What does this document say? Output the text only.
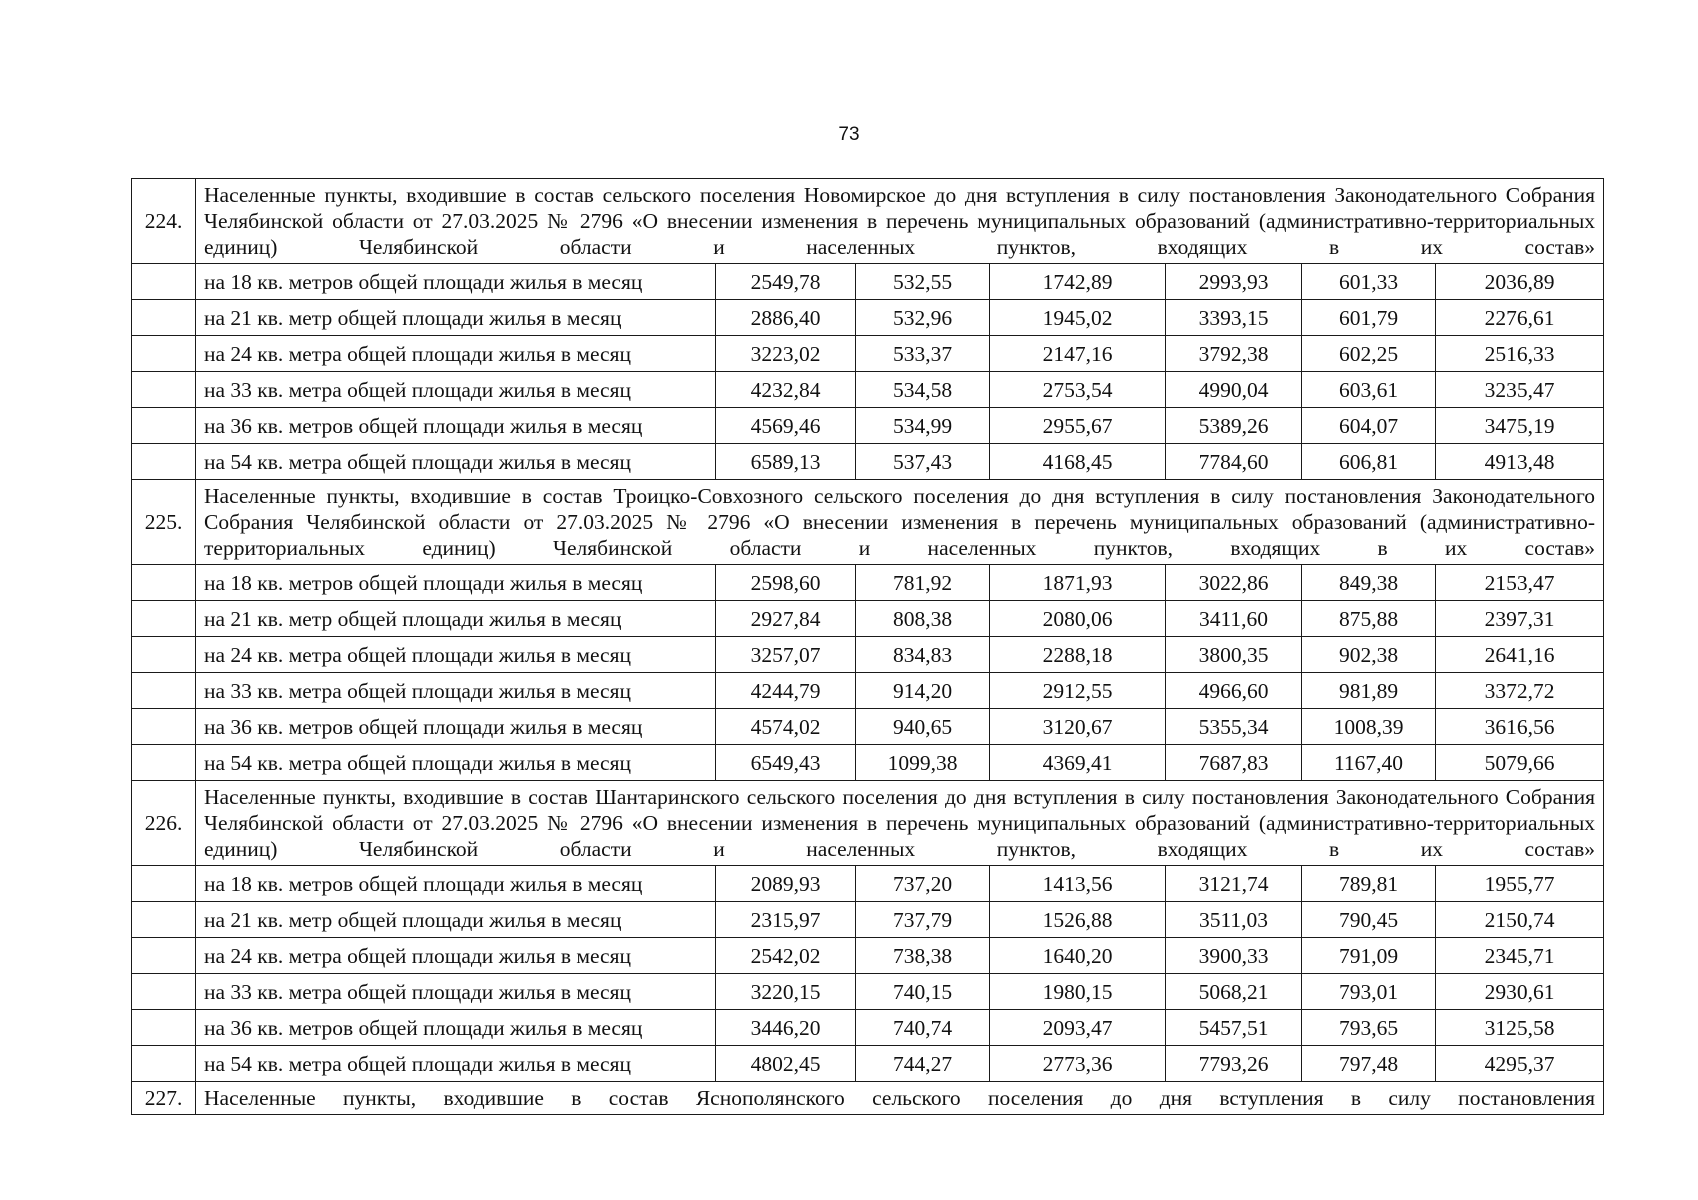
73
224.	Населенные пункты, входившие в состав сельского поселения Новомирское до дня вступления в силу постановления Законодательного Собрания Челябинской области от 27.03.2025 № 2796 «О внесении изменения в перечень муниципальных образований (административно-территориальных единиц) Челябинской области и населенных пунктов, входящих в их состав»						
	на 18 кв. метров общей площади жилья в месяц	2549,78	532,55	1742,89	2993,93	601,33	2036,89
	на 21 кв. метр общей площади жилья в месяц	2886,40	532,96	1945,02	3393,15	601,79	2276,61
	на 24 кв. метра общей площади жилья в месяц	3223,02	533,37	2147,16	3792,38	602,25	2516,33
	на 33 кв. метра общей площади жилья в месяц	4232,84	534,58	2753,54	4990,04	603,61	3235,47
	на 36 кв. метров общей площади жилья в месяц	4569,46	534,99	2955,67	5389,26	604,07	3475,19
	на 54 кв. метра общей площади жилья в месяц	6589,13	537,43	4168,45	7784,60	606,81	4913,48
225.	Населенные пункты, входившие в состав Троицко-Совхозного сельского поселения до дня вступления в силу постановления Законодательного Собрания Челябинской области от 27.03.2025 № 2796 «О внесении изменения в перечень муниципальных образований (административно-территориальных единиц) Челябинской области и населенных пунктов, входящих в их состав»						
	на 18 кв. метров общей площади жилья в месяц	2598,60	781,92	1871,93	3022,86	849,38	2153,47
	на 21 кв. метр общей площади жилья в месяц	2927,84	808,38	2080,06	3411,60	875,88	2397,31
	на 24 кв. метра общей площади жилья в месяц	3257,07	834,83	2288,18	3800,35	902,38	2641,16
	на 33 кв. метра общей площади жилья в месяц	4244,79	914,20	2912,55	4966,60	981,89	3372,72
	на 36 кв. метров общей площади жилья в месяц	4574,02	940,65	3120,67	5355,34	1008,39	3616,56
	на 54 кв. метра общей площади жилья в месяц	6549,43	1099,38	4369,41	7687,83	1167,40	5079,66
226.	Населенные пункты, входившие в состав Шантаринского сельского поселения до дня вступления в силу постановления Законодательного Собрания Челябинской области от 27.03.2025 № 2796 «О внесении изменения в перечень муниципальных образований (административно-территориальных единиц) Челябинской области и населенных пунктов, входящих в их состав»						
	на 18 кв. метров общей площади жилья в месяц	2089,93	737,20	1413,56	3121,74	789,81	1955,77
	на 21 кв. метр общей площади жилья в месяц	2315,97	737,79	1526,88	3511,03	790,45	2150,74
	на 24 кв. метра общей площади жилья в месяц	2542,02	738,38	1640,20	3900,33	791,09	2345,71
	на 33 кв. метра общей площади жилья в месяц	3220,15	740,15	1980,15	5068,21	793,01	2930,61
	на 36 кв. метров общей площади жилья в месяц	3446,20	740,74	2093,47	5457,51	793,65	3125,58
	на 54 кв. метра общей площади жилья в месяц	4802,45	744,27	2773,36	7793,26	797,48	4295,37
227.	Населенные пункты, входившие в состав Яснополянского сельского поселения до дня вступления в силу постановления						
